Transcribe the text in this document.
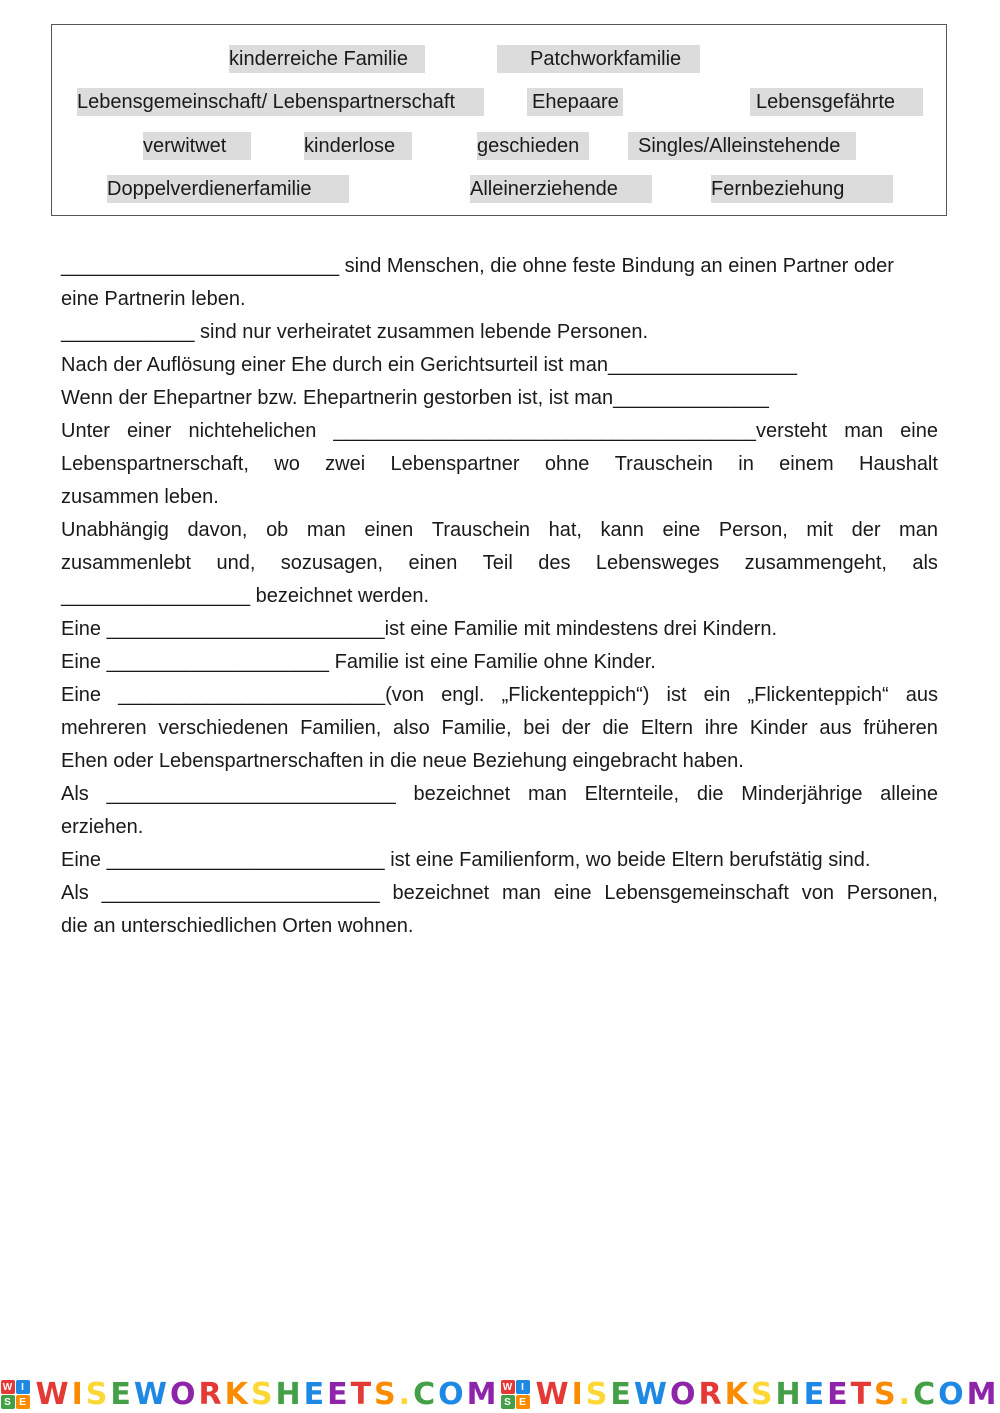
kinderreiche Familie	Patchworkfamilie
Lebensgemeinschaft/ Lebenspartnerschaft	Ehepaare	Lebensgefährte
verwitwet	kinderlose	geschieden	Singles/Alleinstehende
Doppelverdienerfamilie	Alleinerziehende	Fernbeziehung
_________________________ sind Menschen, die ohne feste Bindung an einen Partner oder
eine Partnerin leben.
____________ sind nur verheiratet zusammen lebende Personen.
Nach der Auflösung einer Ehe durch ein Gerichtsurteil ist man_________________
Wenn der Ehepartner bzw. Ehepartnerin gestorben ist, ist man______________
Unter einer nichtehelichen ______________________________________versteht man eine
Lebenspartnerschaft, wo zwei Lebenspartner ohne Trauschein in einem Haushalt
zusammen leben.
Unabhängig davon, ob man einen Trauschein hat, kann eine Person, mit der man
zusammenlebt und, sozusagen, einen Teil des Lebensweges zusammengeht, als
_________________ bezeichnet werden.
Eine _________________________ist eine Familie mit mindestens drei Kindern.
Eine ____________________ Familie ist eine Familie ohne Kinder.
Eine ________________________(von engl. „Flickenteppich“) ist ein „Flickenteppich“ aus
mehreren verschiedenen Familien, also Familie, bei der die Eltern ihre Kinder aus früheren
Ehen oder Lebenspartnerschaften in die neue Beziehung eingebracht haben.
Als __________________________ bezeichnet man Elternteile, die Minderjährige alleine
erziehen.
Eine _________________________ ist eine Familienform, wo beide Eltern berufstätig sind.
Als _________________________ bezeichnet man eine Lebensgemeinschaft von Personen,
die an unterschiedlichen Orten wohnen.
W I
S E WISEWORKSHEETS.COM W I
S E WISEWORKSHEETS.COM
